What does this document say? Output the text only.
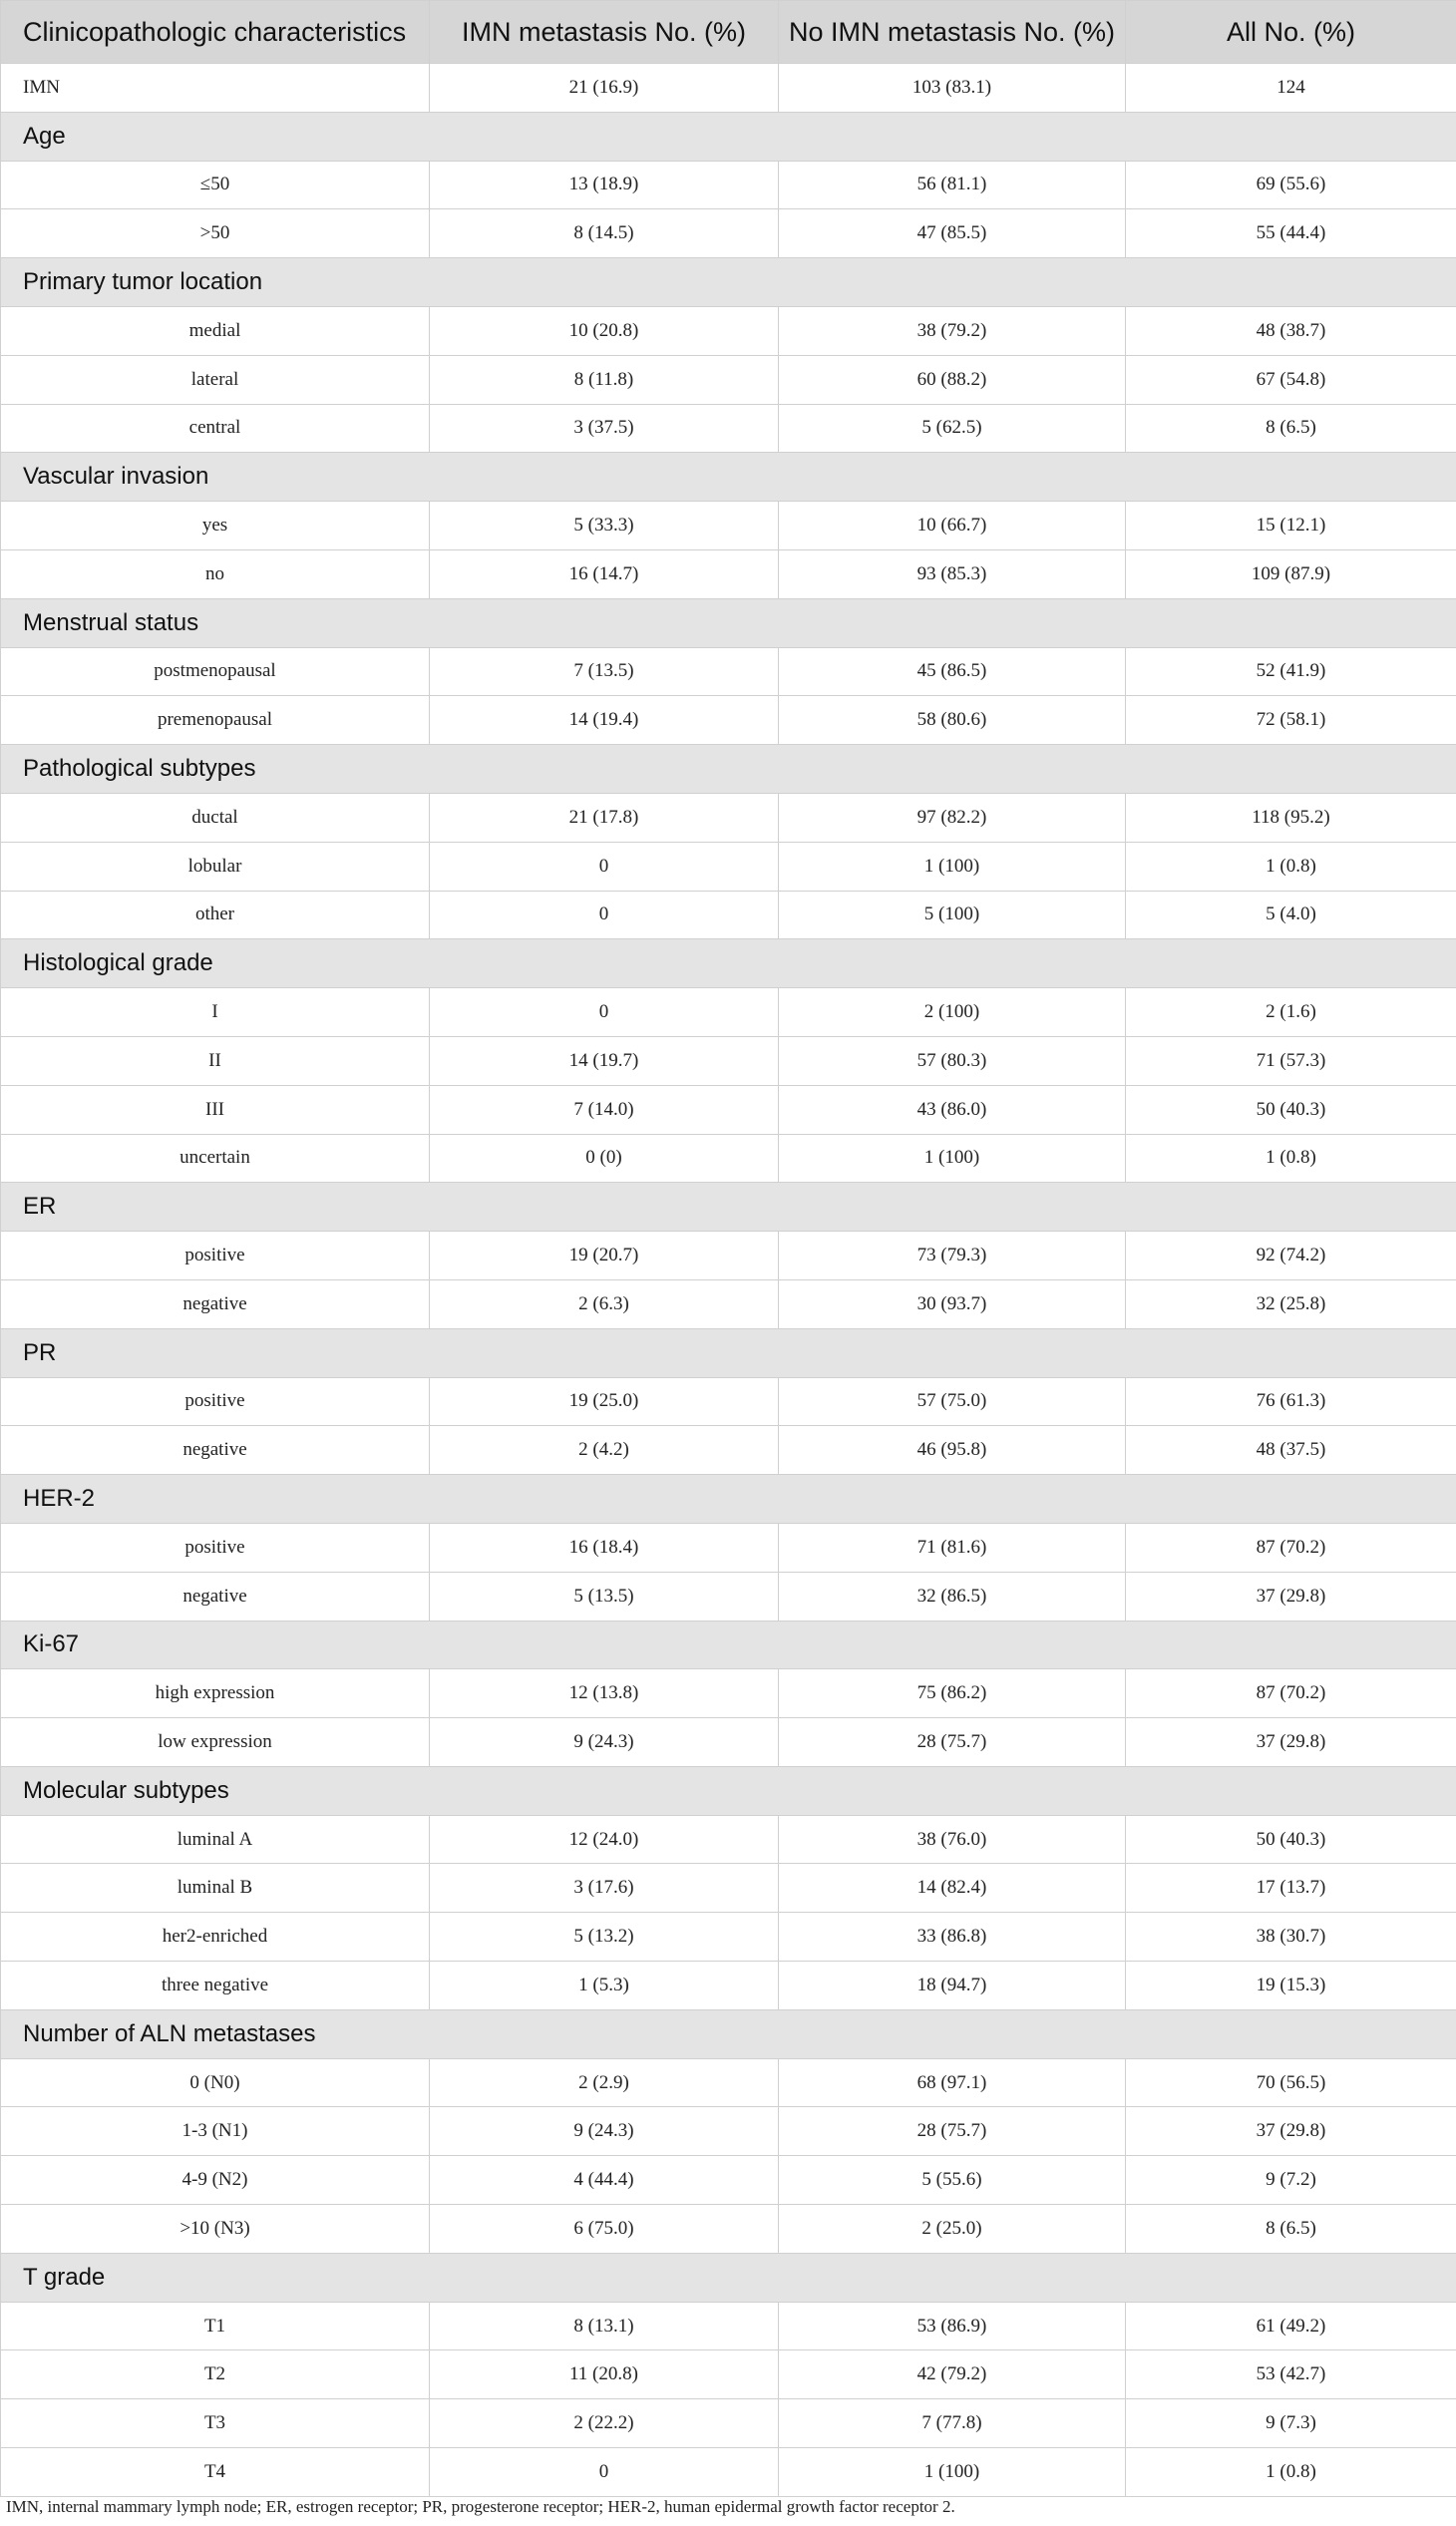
Clinicopathologic characteristics	IMN metastasis No. (%)	No IMN metastasis No. (%)	All No. (%)
IMN	21 (16.9)	103 (83.1)	124
Age			
≤50	13 (18.9)	56 (81.1)	69 (55.6)
>50	8 (14.5)	47 (85.5)	55 (44.4)
Primary tumor location			
medial	10 (20.8)	38 (79.2)	48 (38.7)
lateral	8 (11.8)	60 (88.2)	67 (54.8)
central	3 (37.5)	5 (62.5)	8 (6.5)
Vascular invasion			
yes	5 (33.3)	10 (66.7)	15 (12.1)
no	16 (14.7)	93 (85.3)	109 (87.9)
Menstrual status			
postmenopausal	7 (13.5)	45 (86.5)	52 (41.9)
premenopausal	14 (19.4)	58 (80.6)	72 (58.1)
Pathological subtypes			
ductal	21 (17.8)	97 (82.2)	118 (95.2)
lobular	0	1 (100)	1 (0.8)
other	0	5 (100)	5 (4.0)
Histological grade			
I	0	2 (100)	2 (1.6)
II	14 (19.7)	57 (80.3)	71 (57.3)
III	7 (14.0)	43 (86.0)	50 (40.3)
uncertain	0 (0)	1 (100)	1 (0.8)
ER			
positive	19 (20.7)	73 (79.3)	92 (74.2)
negative	2 (6.3)	30 (93.7)	32 (25.8)
PR			
positive	19 (25.0)	57 (75.0)	76 (61.3)
negative	2 (4.2)	46 (95.8)	48 (37.5)
HER-2			
positive	16 (18.4)	71 (81.6)	87 (70.2)
negative	5 (13.5)	32 (86.5)	37 (29.8)
Ki-67			
high expression	12 (13.8)	75 (86.2)	87 (70.2)
low expression	9 (24.3)	28 (75.7)	37 (29.8)
Molecular subtypes			
luminal A	12 (24.0)	38 (76.0)	50 (40.3)
luminal B	3 (17.6)	14 (82.4)	17 (13.7)
her2-enriched	5 (13.2)	33 (86.8)	38 (30.7)
three negative	1 (5.3)	18 (94.7)	19 (15.3)
Number of ALN metastases			
0 (N0)	2 (2.9)	68 (97.1)	70 (56.5)
1-3 (N1)	9 (24.3)	28 (75.7)	37 (29.8)
4-9 (N2)	4 (44.4)	5 (55.6)	9 (7.2)
>10 (N3)	6 (75.0)	2 (25.0)	8 (6.5)
T grade			
T1	8 (13.1)	53 (86.9)	61 (49.2)
T2	11 (20.8)	42 (79.2)	53 (42.7)
T3	2 (22.2)	7 (77.8)	9 (7.3)
T4	0	1 (100)	1 (0.8)
IMN, internal mammary lymph node; ER, estrogen receptor; PR, progesterone receptor; HER-2, human epidermal growth factor receptor 2.
